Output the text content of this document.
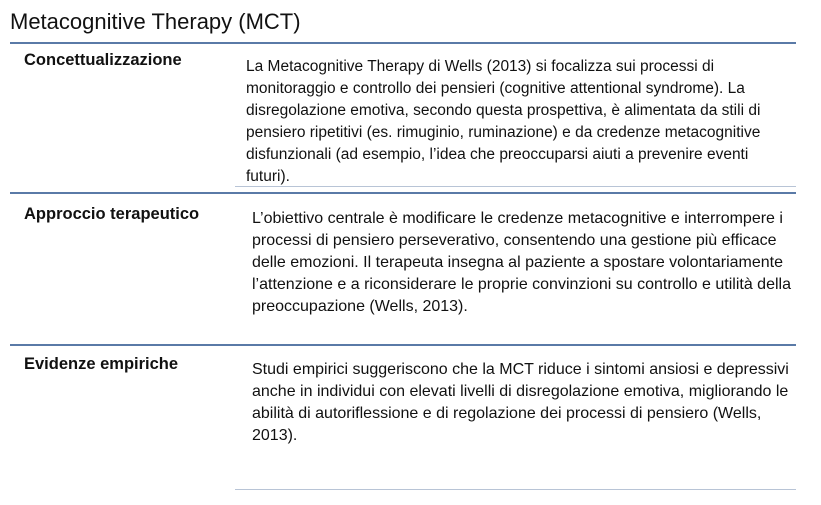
Metacognitive Therapy (MCT)
Concettualizzazione	La Metacognitive Therapy di Wells (2013) si focalizza sui processi di monitoraggio e controllo dei pensieri (cognitive attentional syndrome). La disregolazione emotiva, secondo questa prospettiva, è alimentata da stili di pensiero ripetitivi (es. rimuginio, ruminazione) e da credenze metacognitive disfunzionali (ad esempio, l’idea che preoccuparsi aiuti a prevenire eventi futuri).

Approccio terapeutico	L’obiettivo centrale è modificare le credenze metacognitive e interrompere i processi di pensiero perseverativo, consentendo una gestione più efficace delle emozioni. Il terapeuta insegna al paziente a spostare volontariamente l’attenzione e a riconsiderare le proprie convinzioni su controllo e utilità della preoccupazione (Wells, 2013).

Evidenze empiriche	Studi empirici suggeriscono che la MCT riduce i sintomi ansiosi e depressivi anche in individui con elevati livelli di disregolazione emotiva, migliorando le abilità di autoriflessione e di regolazione dei processi di pensiero (Wells, 2013).
